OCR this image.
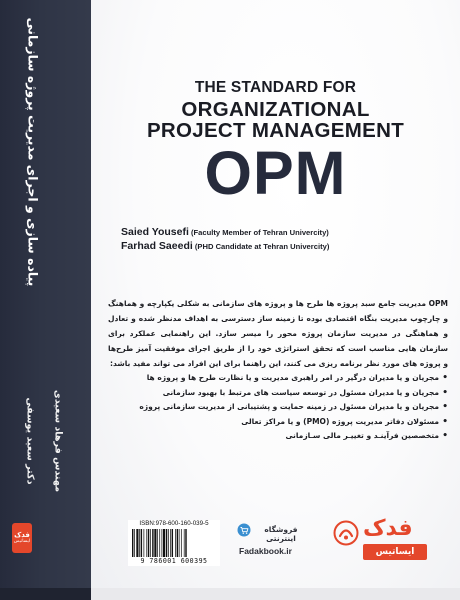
پیاده سازی و اجرای مدیریت پروژه سازمانی
دکتر سعید یوسفی مهندس فرهاد سعیدی
فدک
ایساتیس
THE STANDARD FOR
ORGANIZATIONAL
PROJECT MANAGEMENT
OPM
Saied Yousefi (Faculty Member of Tehran Univercity)
Farhad Saeedi (PHD Candidate at Tehran Univercity)

OPM مدیریت جامع سبد پروژه ها طرح ها و پروژه های سازمانی به شکلی یکپارچه و هماهنگ و چارچوب مدیریت بنگاه اقتصادی بوده تا زمینه ساز دسترسی به اهداف مدنظر شده و تعادل و هماهنگی در مدیریت سازمان پروژه محور را میسر سازد. این راهنمایی عملکرد برای سازمان هایی مناسب است که تحقق استراتژی خود را از طریق اجرای موفقیت آمیز طرح‌ها و پروژه های مورد نظر برنامه ریزی می کنند، این راهنما برای این افراد می تواند مفید باشد:

• مجریان و یا مدیران درگیر در امر راهبری مدیریت و یا نظارت طرح ها و پروژه ها
• مجریان و یا مدیران مسئول در توسعه سیاست های مرتبط با بهبود سازمانی
• مجریان و یا مدیران مسئول در زمینه حمایت و پشتیبانی از مدیریت سازمانی پروژه
• مسئولان دفاتر مدیریت پروژه (PMO) و یا مراکز تعالی
• متخصصین فرآینـد و تغییـر مالی سـازمانی
ISBN:978-600-160-039-5
9 786001 600395
فروشگاه اینترنتی
Fadakbook.ir
فدک
ایساتیس
